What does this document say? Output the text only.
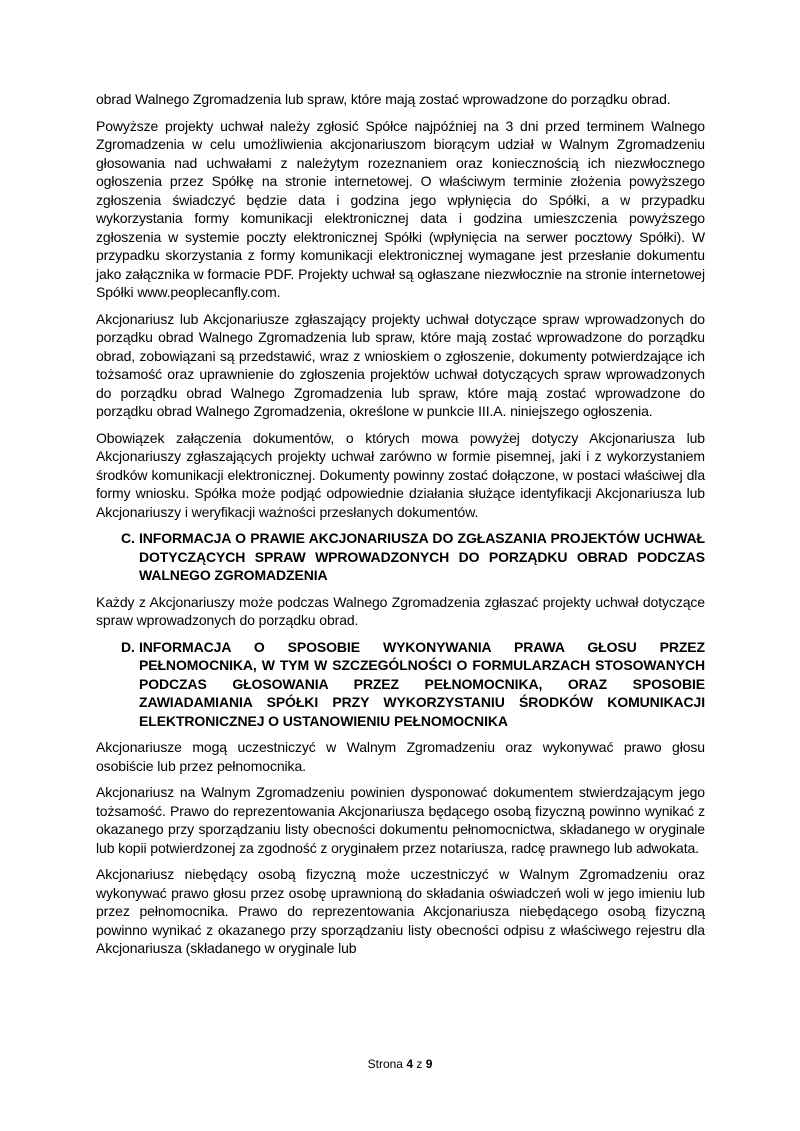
obrad Walnego Zgromadzenia lub spraw, które mają zostać wprowadzone do porządku obrad.

Powyższe projekty uchwał należy zgłosić Spółce najpóźniej na 3 dni przed terminem Walnego Zgromadzenia w celu umożliwienia akcjonariuszom biorącym udział w Walnym Zgromadzeniu głosowania nad uchwałami z należytym rozeznaniem oraz koniecznością ich niezwłocznego ogłoszenia przez Spółkę na stronie internetowej. O właściwym terminie złożenia powyższego zgłoszenia świadczyć będzie data i godzina jego wpłynięcia do Spółki, a w przypadku wykorzystania formy komunikacji elektronicznej data i godzina umieszczenia powyższego zgłoszenia w systemie poczty elektronicznej Spółki (wpłynięcia na serwer pocztowy Spółki). W przypadku skorzystania z formy komunikacji elektronicznej wymagane jest przesłanie dokumentu jako załącznika w formacie PDF. Projekty uchwał są ogłaszane niezwłocznie na stronie internetowej Spółki www.peoplecanfly.com.

Akcjonariusz lub Akcjonariusze zgłaszający projekty uchwał dotyczące spraw wprowadzonych do porządku obrad Walnego Zgromadzenia lub spraw, które mają zostać wprowadzone do porządku obrad, zobowiązani są przedstawić, wraz z wnioskiem o zgłoszenie, dokumenty potwierdzające ich tożsamość oraz uprawnienie do zgłoszenia projektów uchwał dotyczących spraw wprowadzonych do porządku obrad Walnego Zgromadzenia lub spraw, które mają zostać wprowadzone do porządku obrad Walnego Zgromadzenia, określone w punkcie III.A. niniejszego ogłoszenia.

Obowiązek załączenia dokumentów, o których mowa powyżej dotyczy Akcjonariusza lub Akcjonariuszy zgłaszających projekty uchwał zarówno w formie pisemnej, jaki i z wykorzystaniem środków komunikacji elektronicznej. Dokumenty powinny zostać dołączone, w postaci właściwej dla formy wniosku. Spółka może podjąć odpowiednie działania służące identyfikacji Akcjonariusza lub Akcjonariuszy i weryfikacji ważności przesłanych dokumentów.

C. INFORMACJA O PRAWIE AKCJONARIUSZA DO ZGŁASZANIA PROJEKTÓW UCHWAŁ DOTYCZĄCYCH SPRAW WPROWADZONYCH DO PORZĄDKU OBRAD PODCZAS WALNEGO ZGROMADZENIA

Każdy z Akcjonariuszy może podczas Walnego Zgromadzenia zgłaszać projekty uchwał dotyczące spraw wprowadzonych do porządku obrad.

D. INFORMACJA O SPOSOBIE WYKONYWANIA PRAWA GŁOSU PRZEZ PEŁNOMOCNIKA, W TYM W SZCZEGÓLNOŚCI O FORMULARZACH STOSOWANYCH PODCZAS GŁOSOWANIA PRZEZ PEŁNOMOCNIKA, ORAZ SPOSOBIE ZAWIADAMIANIA SPÓŁKI PRZY WYKORZYSTANIU ŚRODKÓW KOMUNIKACJI ELEKTRONICZNEJ O USTANOWIENIU PEŁNOMOCNIKA

Akcjonariusze mogą uczestniczyć w Walnym Zgromadzeniu oraz wykonywać prawo głosu osobiście lub przez pełnomocnika.

Akcjonariusz na Walnym Zgromadzeniu powinien dysponować dokumentem stwierdzającym jego tożsamość. Prawo do reprezentowania Akcjonariusza będącego osobą fizyczną powinno wynikać z okazanego przy sporządzaniu listy obecności dokumentu pełnomocnictwa, składanego w oryginale lub kopii potwierdzonej za zgodność z oryginałem przez notariusza, radcę prawnego lub adwokata.

Akcjonariusz niebędący osobą fizyczną może uczestniczyć w Walnym Zgromadzeniu oraz wykonywać prawo głosu przez osobę uprawnioną do składania oświadczeń woli w jego imieniu lub przez pełnomocnika. Prawo do reprezentowania Akcjonariusza niebędącego osobą fizyczną powinno wynikać z okazanego przy sporządzaniu listy obecności odpisu z właściwego rejestru dla Akcjonariusza (składanego w oryginale lub

Strona 4 z 9
